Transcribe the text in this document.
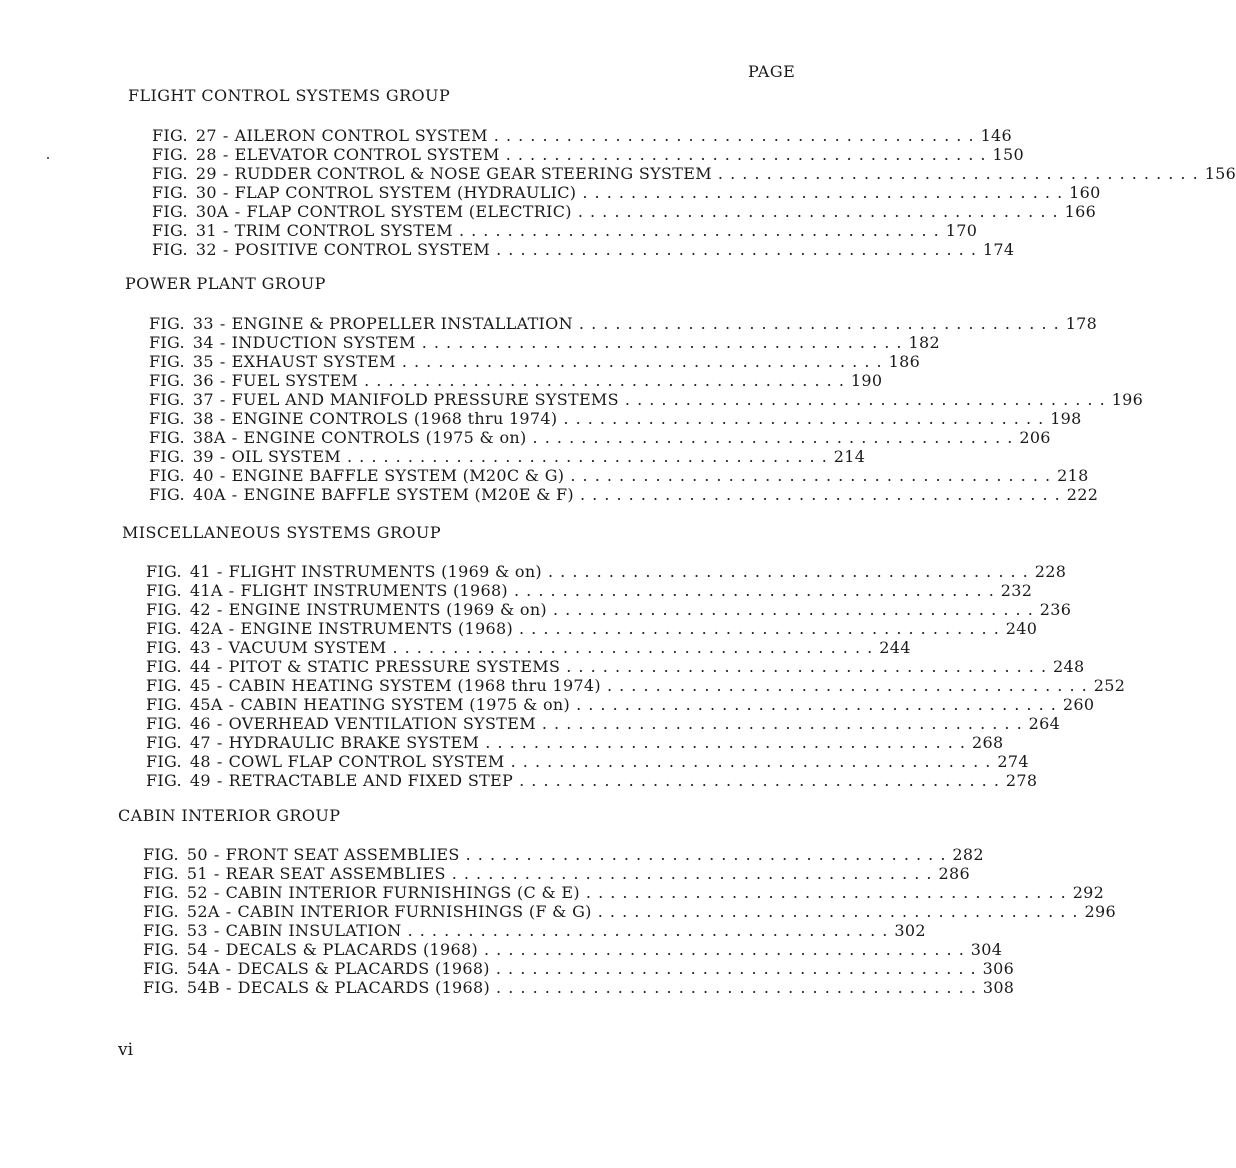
PAGE
FLIGHT CONTROL SYSTEMS GROUP
FIG. 27 - AILERON CONTROL SYSTEM . . . . . . . . . . . . . . . . . . . . . . . . . . . . . . . . . . . . . . . . 146
FIG. 28 - ELEVATOR CONTROL SYSTEM . . . . . . . . . . . . . . . . . . . . . . . . . . . . . . . . . . . . . . . . 150
FIG. 29 - RUDDER CONTROL & NOSE GEAR STEERING SYSTEM . . . . . . . . . . . . . . . . . . . . . . . . . . . . . . . . . . . . . . . . 156
FIG. 30 - FLAP CONTROL SYSTEM (HYDRAULIC) . . . . . . . . . . . . . . . . . . . . . . . . . . . . . . . . . . . . . . . . 160
FIG. 30A - FLAP CONTROL SYSTEM (ELECTRIC) . . . . . . . . . . . . . . . . . . . . . . . . . . . . . . . . . . . . . . . . 166
FIG. 31 - TRIM CONTROL SYSTEM . . . . . . . . . . . . . . . . . . . . . . . . . . . . . . . . . . . . . . . . 170
FIG. 32 - POSITIVE CONTROL SYSTEM . . . . . . . . . . . . . . . . . . . . . . . . . . . . . . . . . . . . . . . . 174
POWER PLANT GROUP
FIG. 33 - ENGINE & PROPELLER INSTALLATION . . . . . . . . . . . . . . . . . . . . . . . . . . . . . . . . . . . . . . . . 178
FIG. 34 - INDUCTION SYSTEM . . . . . . . . . . . . . . . . . . . . . . . . . . . . . . . . . . . . . . . . 182
FIG. 35 - EXHAUST SYSTEM . . . . . . . . . . . . . . . . . . . . . . . . . . . . . . . . . . . . . . . . 186
FIG. 36 - FUEL SYSTEM . . . . . . . . . . . . . . . . . . . . . . . . . . . . . . . . . . . . . . . . 190
FIG. 37 - FUEL AND MANIFOLD PRESSURE SYSTEMS . . . . . . . . . . . . . . . . . . . . . . . . . . . . . . . . . . . . . . . . 196
FIG. 38 - ENGINE CONTROLS (1968 thru 1974) . . . . . . . . . . . . . . . . . . . . . . . . . . . . . . . . . . . . . . . . 198
FIG. 38A - ENGINE CONTROLS (1975 & on) . . . . . . . . . . . . . . . . . . . . . . . . . . . . . . . . . . . . . . . . 206
FIG. 39 - OIL SYSTEM . . . . . . . . . . . . . . . . . . . . . . . . . . . . . . . . . . . . . . . . 214
FIG. 40 - ENGINE BAFFLE SYSTEM (M20C & G) . . . . . . . . . . . . . . . . . . . . . . . . . . . . . . . . . . . . . . . . 218
FIG. 40A - ENGINE BAFFLE SYSTEM (M20E & F) . . . . . . . . . . . . . . . . . . . . . . . . . . . . . . . . . . . . . . . . 222
MISCELLANEOUS SYSTEMS GROUP
FIG. 41 - FLIGHT INSTRUMENTS (1969 & on) . . . . . . . . . . . . . . . . . . . . . . . . . . . . . . . . . . . . . . . . 228
FIG. 41A - FLIGHT INSTRUMENTS (1968) . . . . . . . . . . . . . . . . . . . . . . . . . . . . . . . . . . . . . . . . 232
FIG. 42 - ENGINE INSTRUMENTS (1969 & on) . . . . . . . . . . . . . . . . . . . . . . . . . . . . . . . . . . . . . . . . 236
FIG. 42A - ENGINE INSTRUMENTS (1968) . . . . . . . . . . . . . . . . . . . . . . . . . . . . . . . . . . . . . . . . 240
FIG. 43 - VACUUM SYSTEM . . . . . . . . . . . . . . . . . . . . . . . . . . . . . . . . . . . . . . . . 244
FIG. 44 - PITOT & STATIC PRESSURE SYSTEMS . . . . . . . . . . . . . . . . . . . . . . . . . . . . . . . . . . . . . . . . 248
FIG. 45 - CABIN HEATING SYSTEM (1968 thru 1974) . . . . . . . . . . . . . . . . . . . . . . . . . . . . . . . . . . . . . . . . 252
FIG. 45A - CABIN HEATING SYSTEM (1975 & on) . . . . . . . . . . . . . . . . . . . . . . . . . . . . . . . . . . . . . . . . 260
FIG. 46 - OVERHEAD VENTILATION SYSTEM . . . . . . . . . . . . . . . . . . . . . . . . . . . . . . . . . . . . . . . . 264
FIG. 47 - HYDRAULIC BRAKE SYSTEM . . . . . . . . . . . . . . . . . . . . . . . . . . . . . . . . . . . . . . . . 268
FIG. 48 - COWL FLAP CONTROL SYSTEM . . . . . . . . . . . . . . . . . . . . . . . . . . . . . . . . . . . . . . . . 274
FIG. 49 - RETRACTABLE AND FIXED STEP . . . . . . . . . . . . . . . . . . . . . . . . . . . . . . . . . . . . . . . . 278
CABIN INTERIOR GROUP
FIG. 50 - FRONT SEAT ASSEMBLIES . . . . . . . . . . . . . . . . . . . . . . . . . . . . . . . . . . . . . . . . 282
FIG. 51 - REAR SEAT ASSEMBLIES . . . . . . . . . . . . . . . . . . . . . . . . . . . . . . . . . . . . . . . . 286
FIG. 52 - CABIN INTERIOR FURNISHINGS (C & E) . . . . . . . . . . . . . . . . . . . . . . . . . . . . . . . . . . . . . . . . 292
FIG. 52A - CABIN INTERIOR FURNISHINGS (F & G) . . . . . . . . . . . . . . . . . . . . . . . . . . . . . . . . . . . . . . . . 296
FIG. 53 - CABIN INSULATION . . . . . . . . . . . . . . . . . . . . . . . . . . . . . . . . . . . . . . . . 302
FIG. 54 - DECALS & PLACARDS (1968) . . . . . . . . . . . . . . . . . . . . . . . . . . . . . . . . . . . . . . . . 304
FIG. 54A - DECALS & PLACARDS (1968) . . . . . . . . . . . . . . . . . . . . . . . . . . . . . . . . . . . . . . . . 306
FIG. 54B - DECALS & PLACARDS (1968) . . . . . . . . . . . . . . . . . . . . . . . . . . . . . . . . . . . . . . . . 308
vi
